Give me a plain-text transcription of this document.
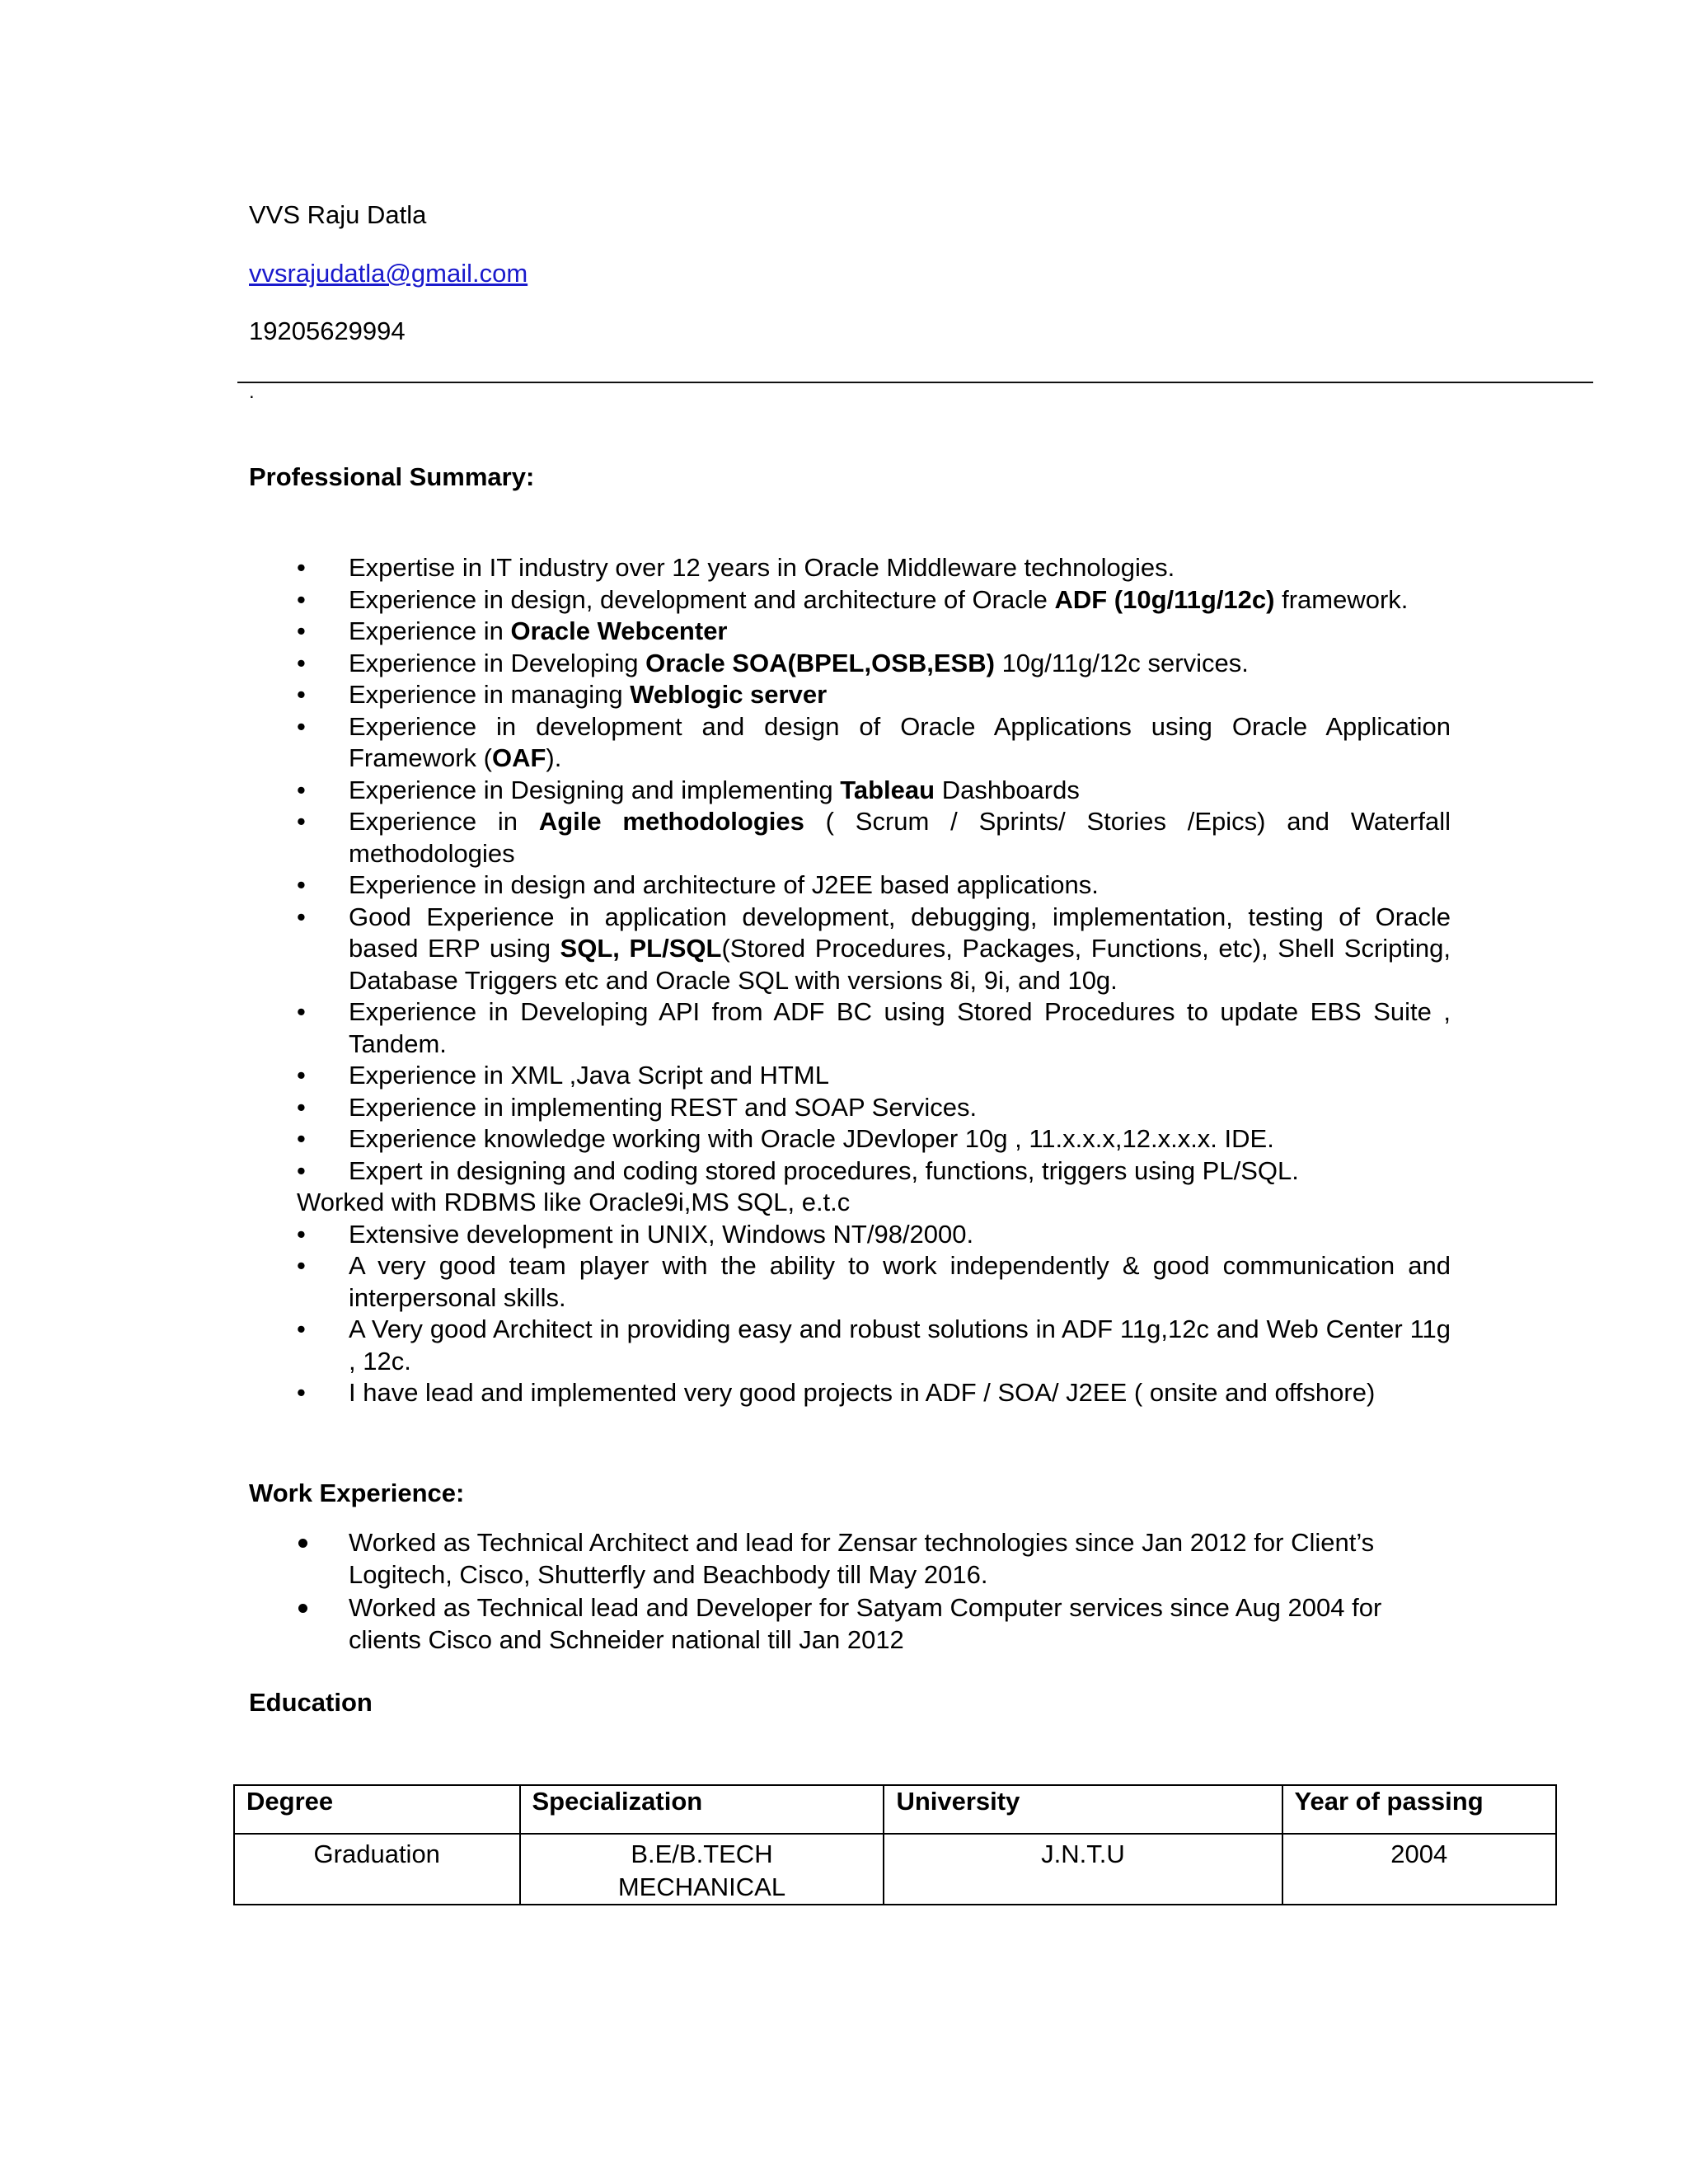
VVS Raju Datla
vvsrajudatla@gmail.com
19205629994
.
Professional Summary:
• Expertise in IT industry over 12 years in Oracle Middleware technologies.
• Experience in design, development and architecture of Oracle ADF (10g/11g/12c) framework.
• Experience in Oracle Webcenter
• Experience in Developing Oracle SOA(BPEL,OSB,ESB) 10g/11g/12c services.
• Experience in managing Weblogic server
• Experience in development and design of Oracle Applications using Oracle Application Framework (OAF).
• Experience in Designing and implementing Tableau Dashboards
• Experience in Agile methodologies ( Scrum / Sprints/ Stories /Epics) and Waterfall methodologies
• Experience in design and architecture of J2EE based applications.
• Good Experience in application development, debugging, implementation, testing of Oracle based ERP using SQL, PL/SQL(Stored Procedures, Packages, Functions, etc), Shell Scripting, Database Triggers etc and Oracle SQL with versions 8i, 9i, and 10g.
• Experience in Developing API from ADF BC using Stored Procedures to update EBS Suite , Tandem.
• Experience in XML ,Java Script and HTML
• Experience in implementing REST and SOAP Services.
• Experience knowledge working with Oracle JDevloper 10g , 11.x.x.x,12.x.x.x. IDE.
• Expert in designing and coding stored procedures, functions, triggers using PL/SQL.
Worked with RDBMS like Oracle9i,MS SQL, e.t.c
• Extensive development in UNIX, Windows NT/98/2000.
• A very good team player with the ability to work independently & good communication and interpersonal skills.
• A Very good Architect in providing easy and robust solutions in ADF 11g,12c and Web Center 11g , 12c.
• I have lead and implemented very good projects in ADF / SOA/ J2EE ( onsite and offshore)
Work Experience:
Worked as Technical Architect and lead for Zensar technologies since Jan 2012 for Client’s Logitech, Cisco, Shutterfly and Beachbody till May 2016.
Worked as Technical lead and Developer for Satyam Computer services since Aug 2004 for clients Cisco and Schneider national till Jan 2012
Education
Degree	Specialization	University	Year of passing
Graduation	B.E/B.TECH MECHANICAL	J.N.T.U	2004
